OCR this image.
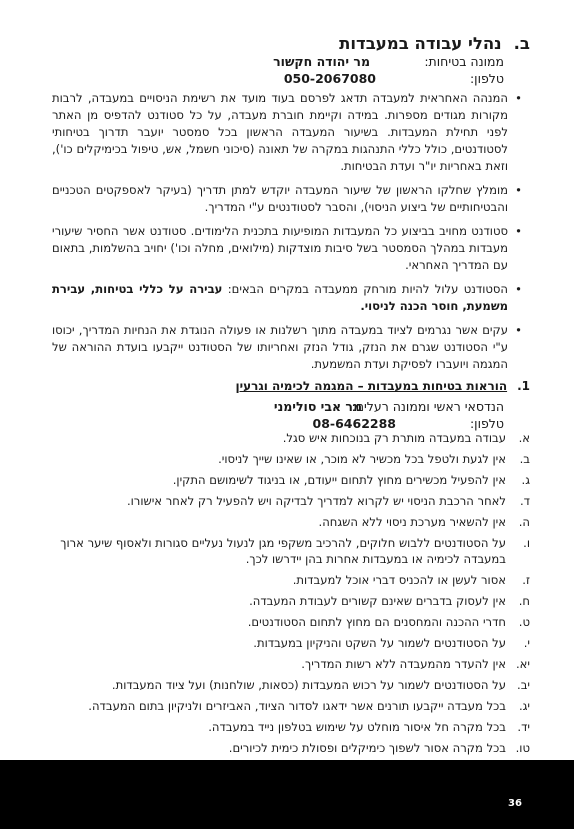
ב.נהלי עבודה במעבדות
ממונה בטיחות:
מר יהודה חקשור
טלפון:
050-2067080
• המנהה האחראית למעבדה תדאג לפרסם בעוד מועד את רשימת הניסויים במעבדה, לרבות מקורות מגודים מספרות. במידה וקיימת חוברת מעבדה, על כל סטודנט להדפיס מן האתר לפני תחילת המעבדות. בשיעור המעבדה הראשון בכל סמסטר יועבר תדרוך בטיחותי לסטודנטים, כולל כללי התנהגות במקרה של תאונה (סיכוני חשמל, אש, טיפול בכימיקלים כו'), וזאת באחריות יו"ר ועדת הבטיחות.
• מומלץ שחלקו הראשון של שיעור המעבדה יוקדש למתן תדריך (בעיקר לאספקטים הטכניים והבטיחותיים של ביצוע הניסוי), והסבר לסטודנטים ע"י המדריך.
• סטודנט מחויב בביצוע כל המעבדות המופיעות בתכנית הלימודים. סטודנט אשר החסיר שיעורי מעבדות במהלך הסמסטר בשל סיבות מוצדקות (מילואים, מחלה וכו') יחויב בהשלמות, בתאום עם המדריך האחראי.
• הסטודנט עלול להיות מורחק ממעבדה במקרים הבאים: עבירה על כללי בטיחות, עבירת משמעת, חוסר הכנה לניסוי.
• עקים אשר נגרמים לציוד במעבדה מתוך רשלנות או פעולה הנוגדת את הנחיות המדריך, יכוסו ע"י הסטודנט שגרם את הנזק, גודל הנזק ואחריותו של הסטודנט ייקבעו בועדת ההוראה של המגמה ויועברו לפסיקת ועדת המשמעת.
1.הוראות בטיחות במעבדות – המגמה לכימיה וגרעין
הנדסאי ראשי וממונה רעלים:
מר אבי סולימני
טלפון:
08-6462288
א.
עבודה במעבדה מותרת רק בנוכחות איש סגל.
ב.
אין לגעת ולטפל בכל מכשיר לא מוכר, או שאינו שייך לניסוי.
ג.
אין להפעיל מכשירים מחוץ לתחום ייעודם, או בניגוד לשימושם התקין.
ד.
לאחר הרכבת הניסוי יש לקרוא למדריך לבדיקה ויש להפעיל רק לאחר אישורו.
ה.
אין להשאיר מערכת ניסוי ללא השגחה.
ו.
על הסטודנטים ללבוש חלוקים, להרכיב משקפי מגן לנעול נעליים סגורות ולאסוף שיער ארוך במעבדה לכימיה או במעבדות אחרות בהן יידרשו לכך.
ז.
אסור לעשן או להכניס דברי אוכל למעבדות.
ח.
אין לעסוק בדברים שאינם קשורים לעבודת המעבדה.
ט.
חדרי ההכנה והמחסנים הם מחוץ לתחום הסטודנטים.
י.
על הסטודנטים לשמור על השקט והניקיון במעבדות.
יא.
אין להעדר מהמעבדה ללא רשות המדריך.
יב.
על הסטודנטים לשמור על רכוש המעבדות (כסאות, שולחנות) ועל ציוד המעבדות.
יג.
בכל מעבדה ייקבעו תורנים אשר ידאגו לסדור הציוד, האביזרים ולניקיון בתום המעבדה.
יד.
בכל מקרה חל איסור מוחלט על שימוש בטלפון נייד במעבדה.
טו.
בכל מקרה אסור לשפוך כימיקלים ופסולת כימית לכיורים.
36
